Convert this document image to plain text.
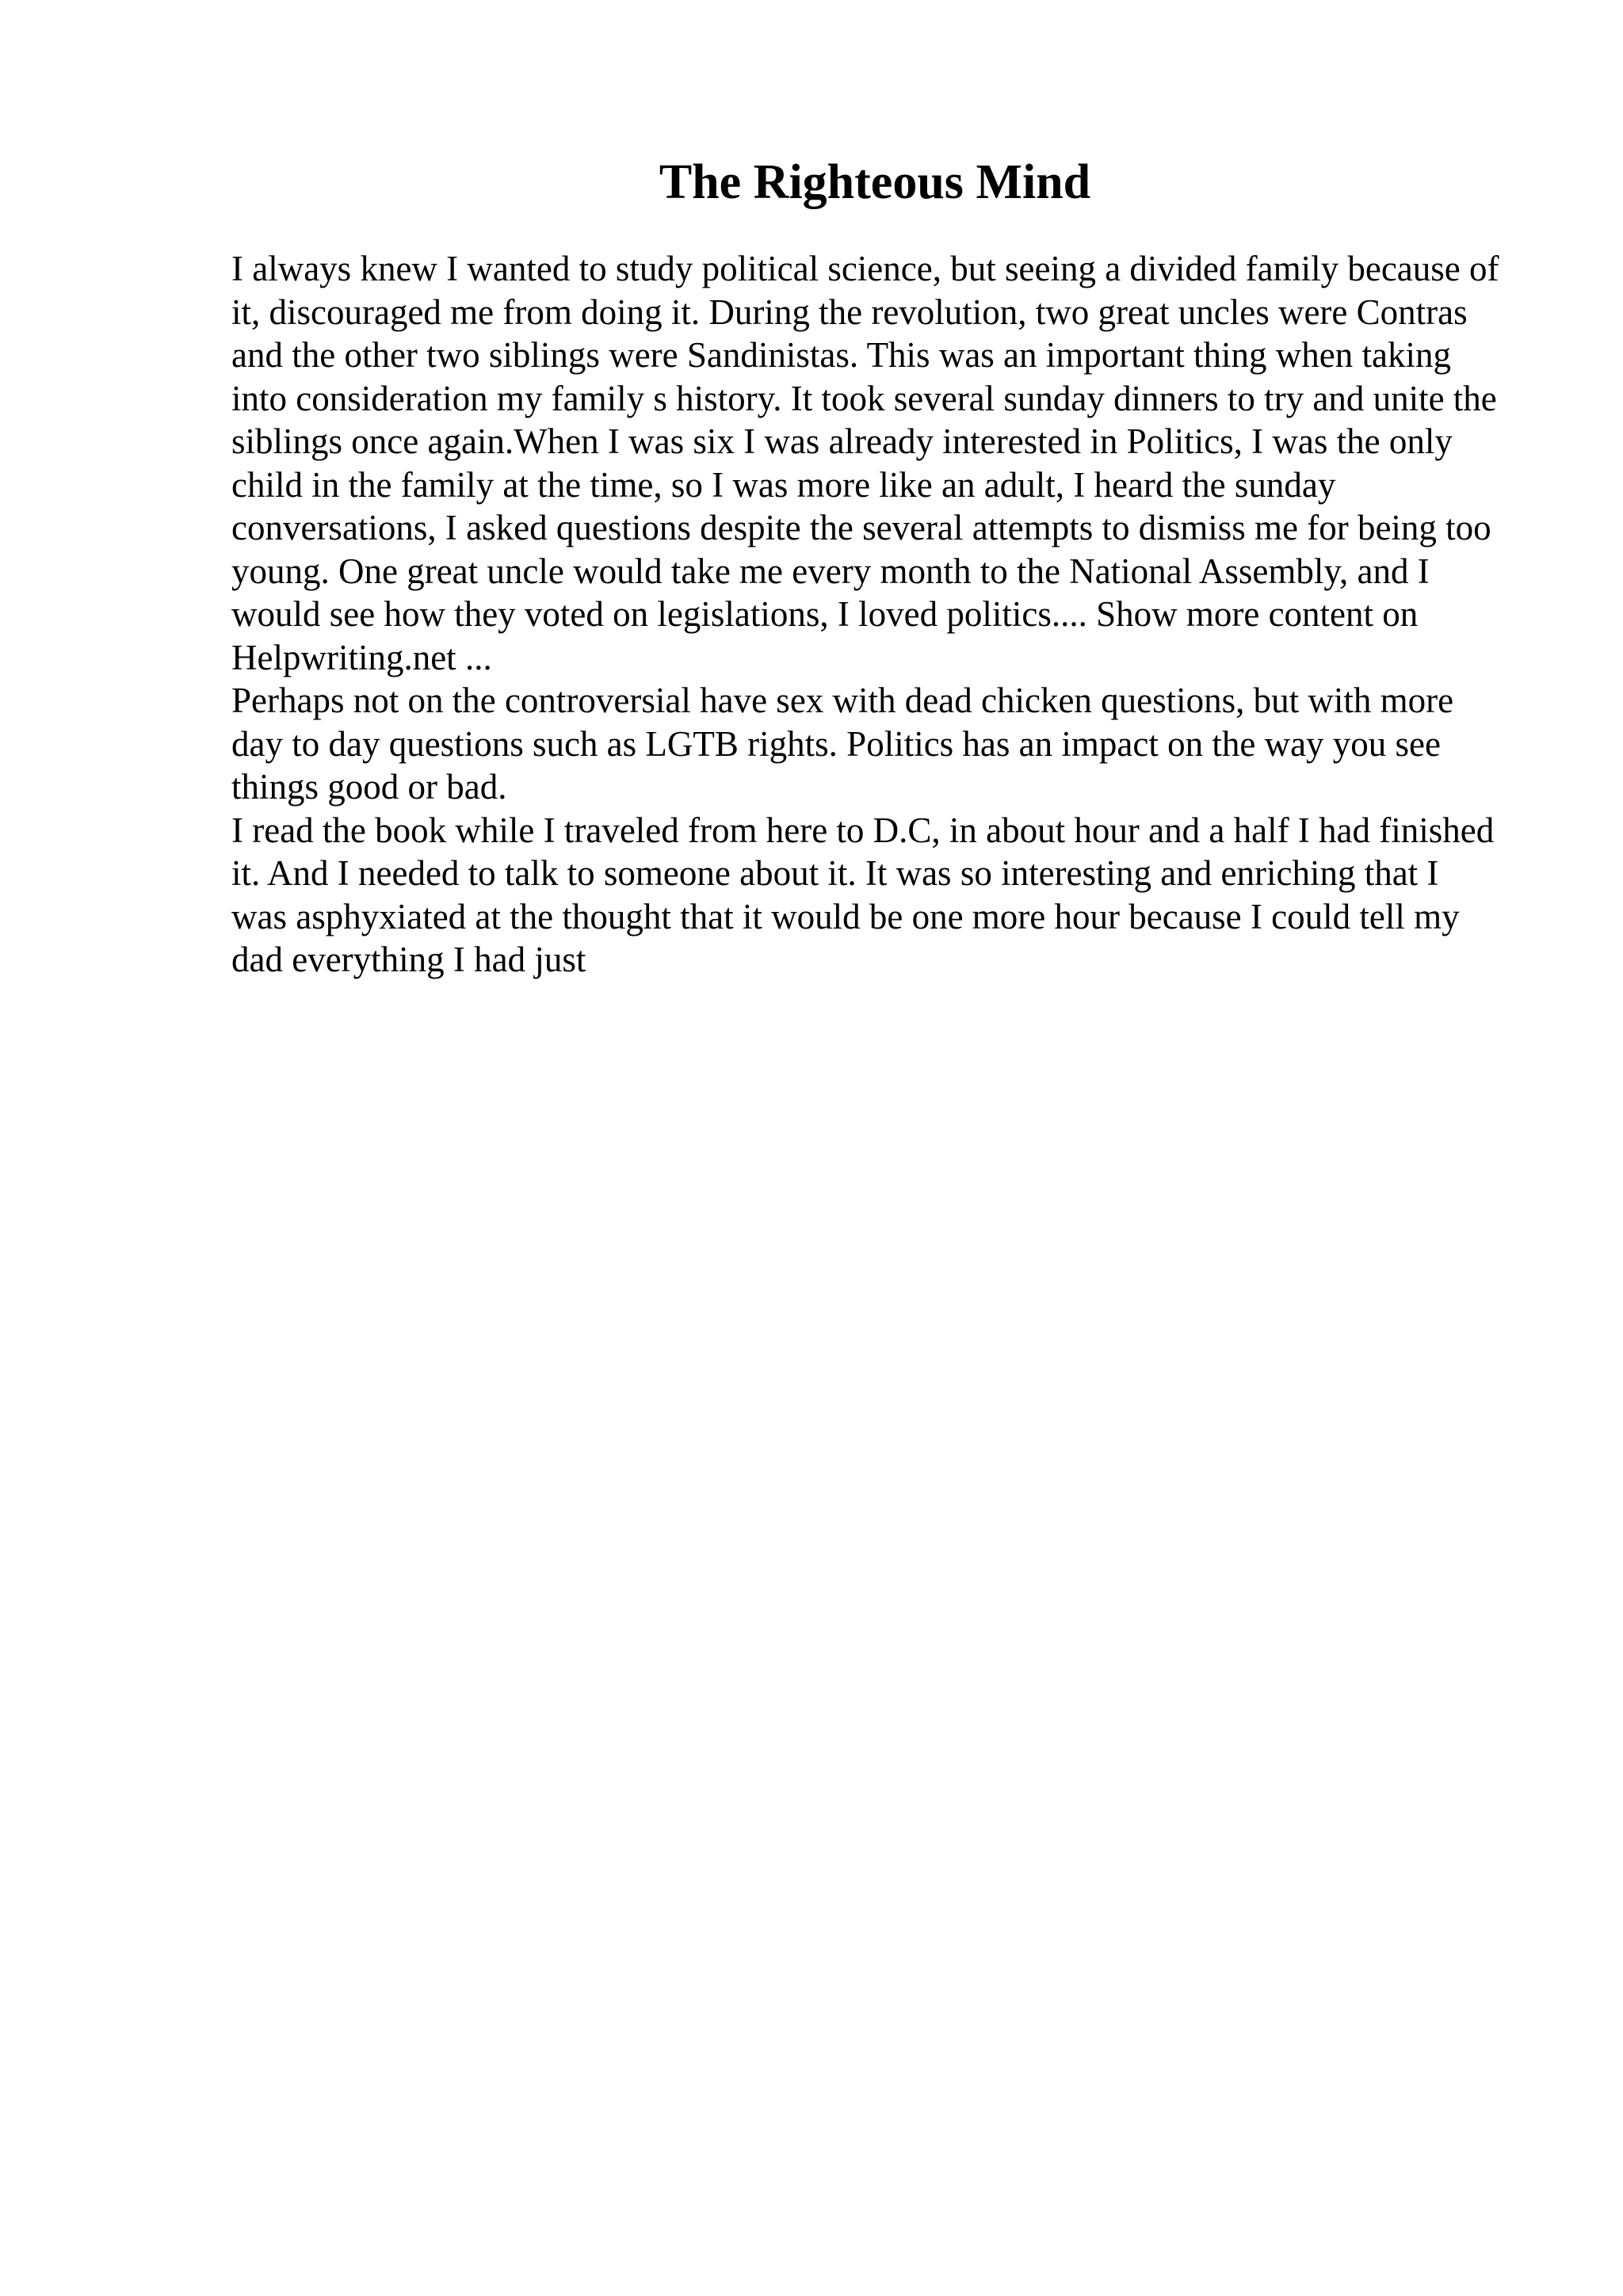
The Righteous Mind

I always knew I wanted to study political science, but seeing a divided family because of it, discouraged me from doing it. During the revolution, two great uncles were Contras and the other two siblings were Sandinistas. This was an important thing when taking into consideration my family s history. It took several sunday dinners to try and unite the siblings once again.When I was six I was already interested in Politics, I was the only child in the family at the time, so I was more like an adult, I heard the sunday conversations, I asked questions despite the several attempts to dismiss me for being too young. One great uncle would take me every month to the National Assembly, and I would see how they voted on legislations, I loved politics.... Show more content on Helpwriting.net ...

Perhaps not on the controversial have sex with dead chicken questions, but with more day to day questions such as LGTB rights. Politics has an impact on the way you see things good or bad.

I read the book while I traveled from here to D.C, in about hour and a half I had finished it. And I needed to talk to someone about it. It was so interesting and enriching that I was asphyxiated at the thought that it would be one more hour because I could tell my dad everything I had just
